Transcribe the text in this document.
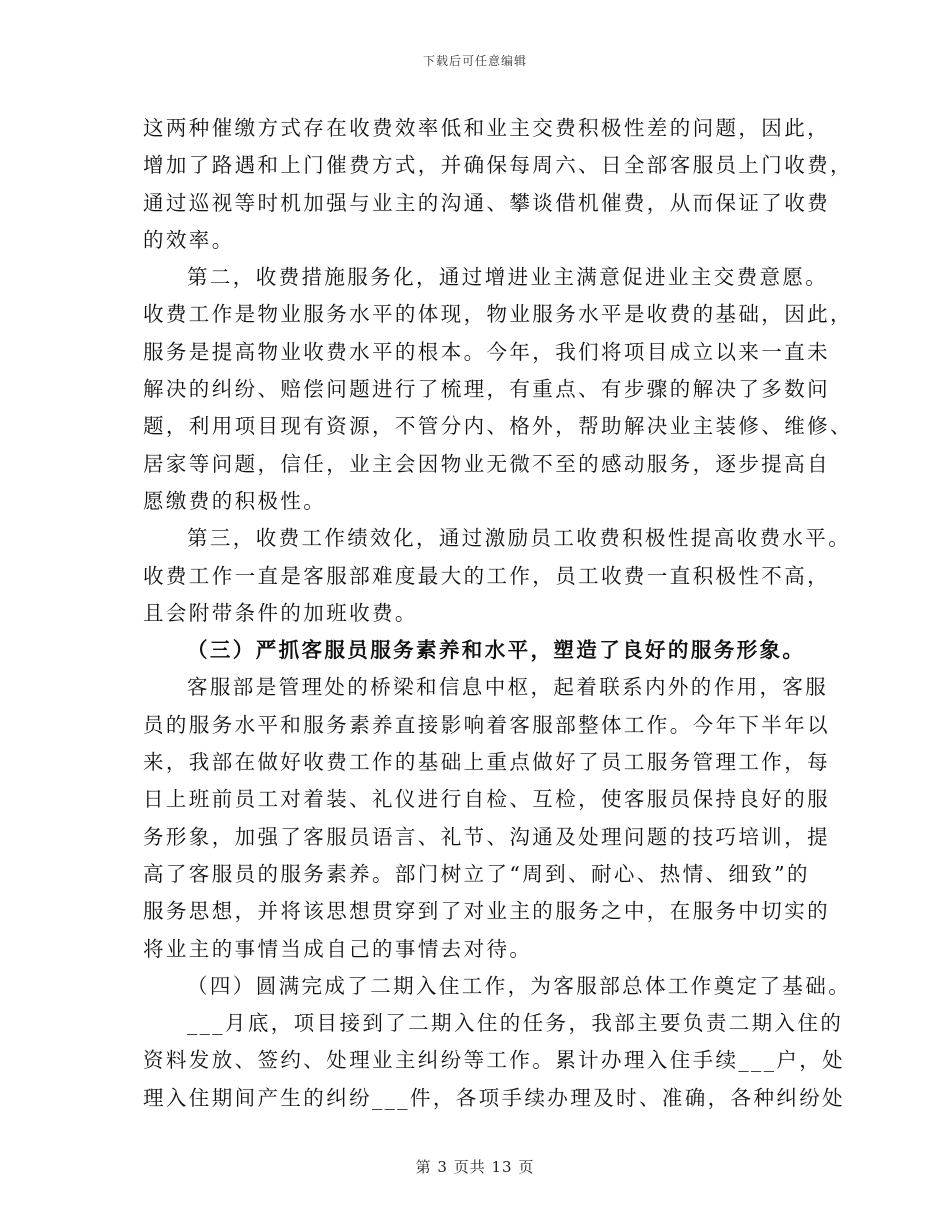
下载后可任意编辑
这两种催缴方式存在收费效率低和业主交费积极性差的问题，因此，
增加了路遇和上门催费方式，并确保每周六、日全部客服员上门收费，
通过巡视等时机加强与业主的沟通、攀谈借机催费，从而保证了收费
的效率。
第二，收费措施服务化，通过增进业主满意促进业主交费意愿。
收费工作是物业服务水平的体现，物业服务水平是收费的基础，因此，
服务是提高物业收费水平的根本。今年，我们将项目成立以来一直未
解决的纠纷、赔偿问题进行了梳理，有重点、有步骤的解决了多数问
题，利用项目现有资源，不管分内、格外，帮助解决业主装修、维修、
居家等问题，信任，业主会因物业无微不至的感动服务，逐步提高自
愿缴费的积极性。
第三，收费工作绩效化，通过激励员工收费积极性提高收费水平。
收费工作一直是客服部难度最大的工作，员工收费一直积极性不高，
且会附带条件的加班收费。
（三）严抓客服员服务素养和水平，塑造了良好的服务形象。
客服部是管理处的桥梁和信息中枢，起着联系内外的作用，客服
员的服务水平和服务素养直接影响着客服部整体工作。今年下半年以
来，我部在做好收费工作的基础上重点做好了员工服务管理工作，每
日上班前员工对着装、礼仪进行自检、互检，使客服员保持良好的服
务形象，加强了客服员语言、礼节、沟通及处理问题的技巧培训，提
高了客服员的服务素养。部门树立了“周到、耐心、热情、细致”的
服务思想，并将该思想贯穿到了对业主的服务之中，在服务中切实的
将业主的事情当成自己的事情去对待。
（四）圆满完成了二期入住工作，为客服部总体工作奠定了基础。
___月底，项目接到了二期入住的任务，我部主要负责二期入住的
资料发放、签约、处理业主纠纷等工作。累计办理入住手续___户，处
理入住期间产生的纠纷___件，各项手续办理及时、准确，各种纠纷处
第 3 页共 13 页
